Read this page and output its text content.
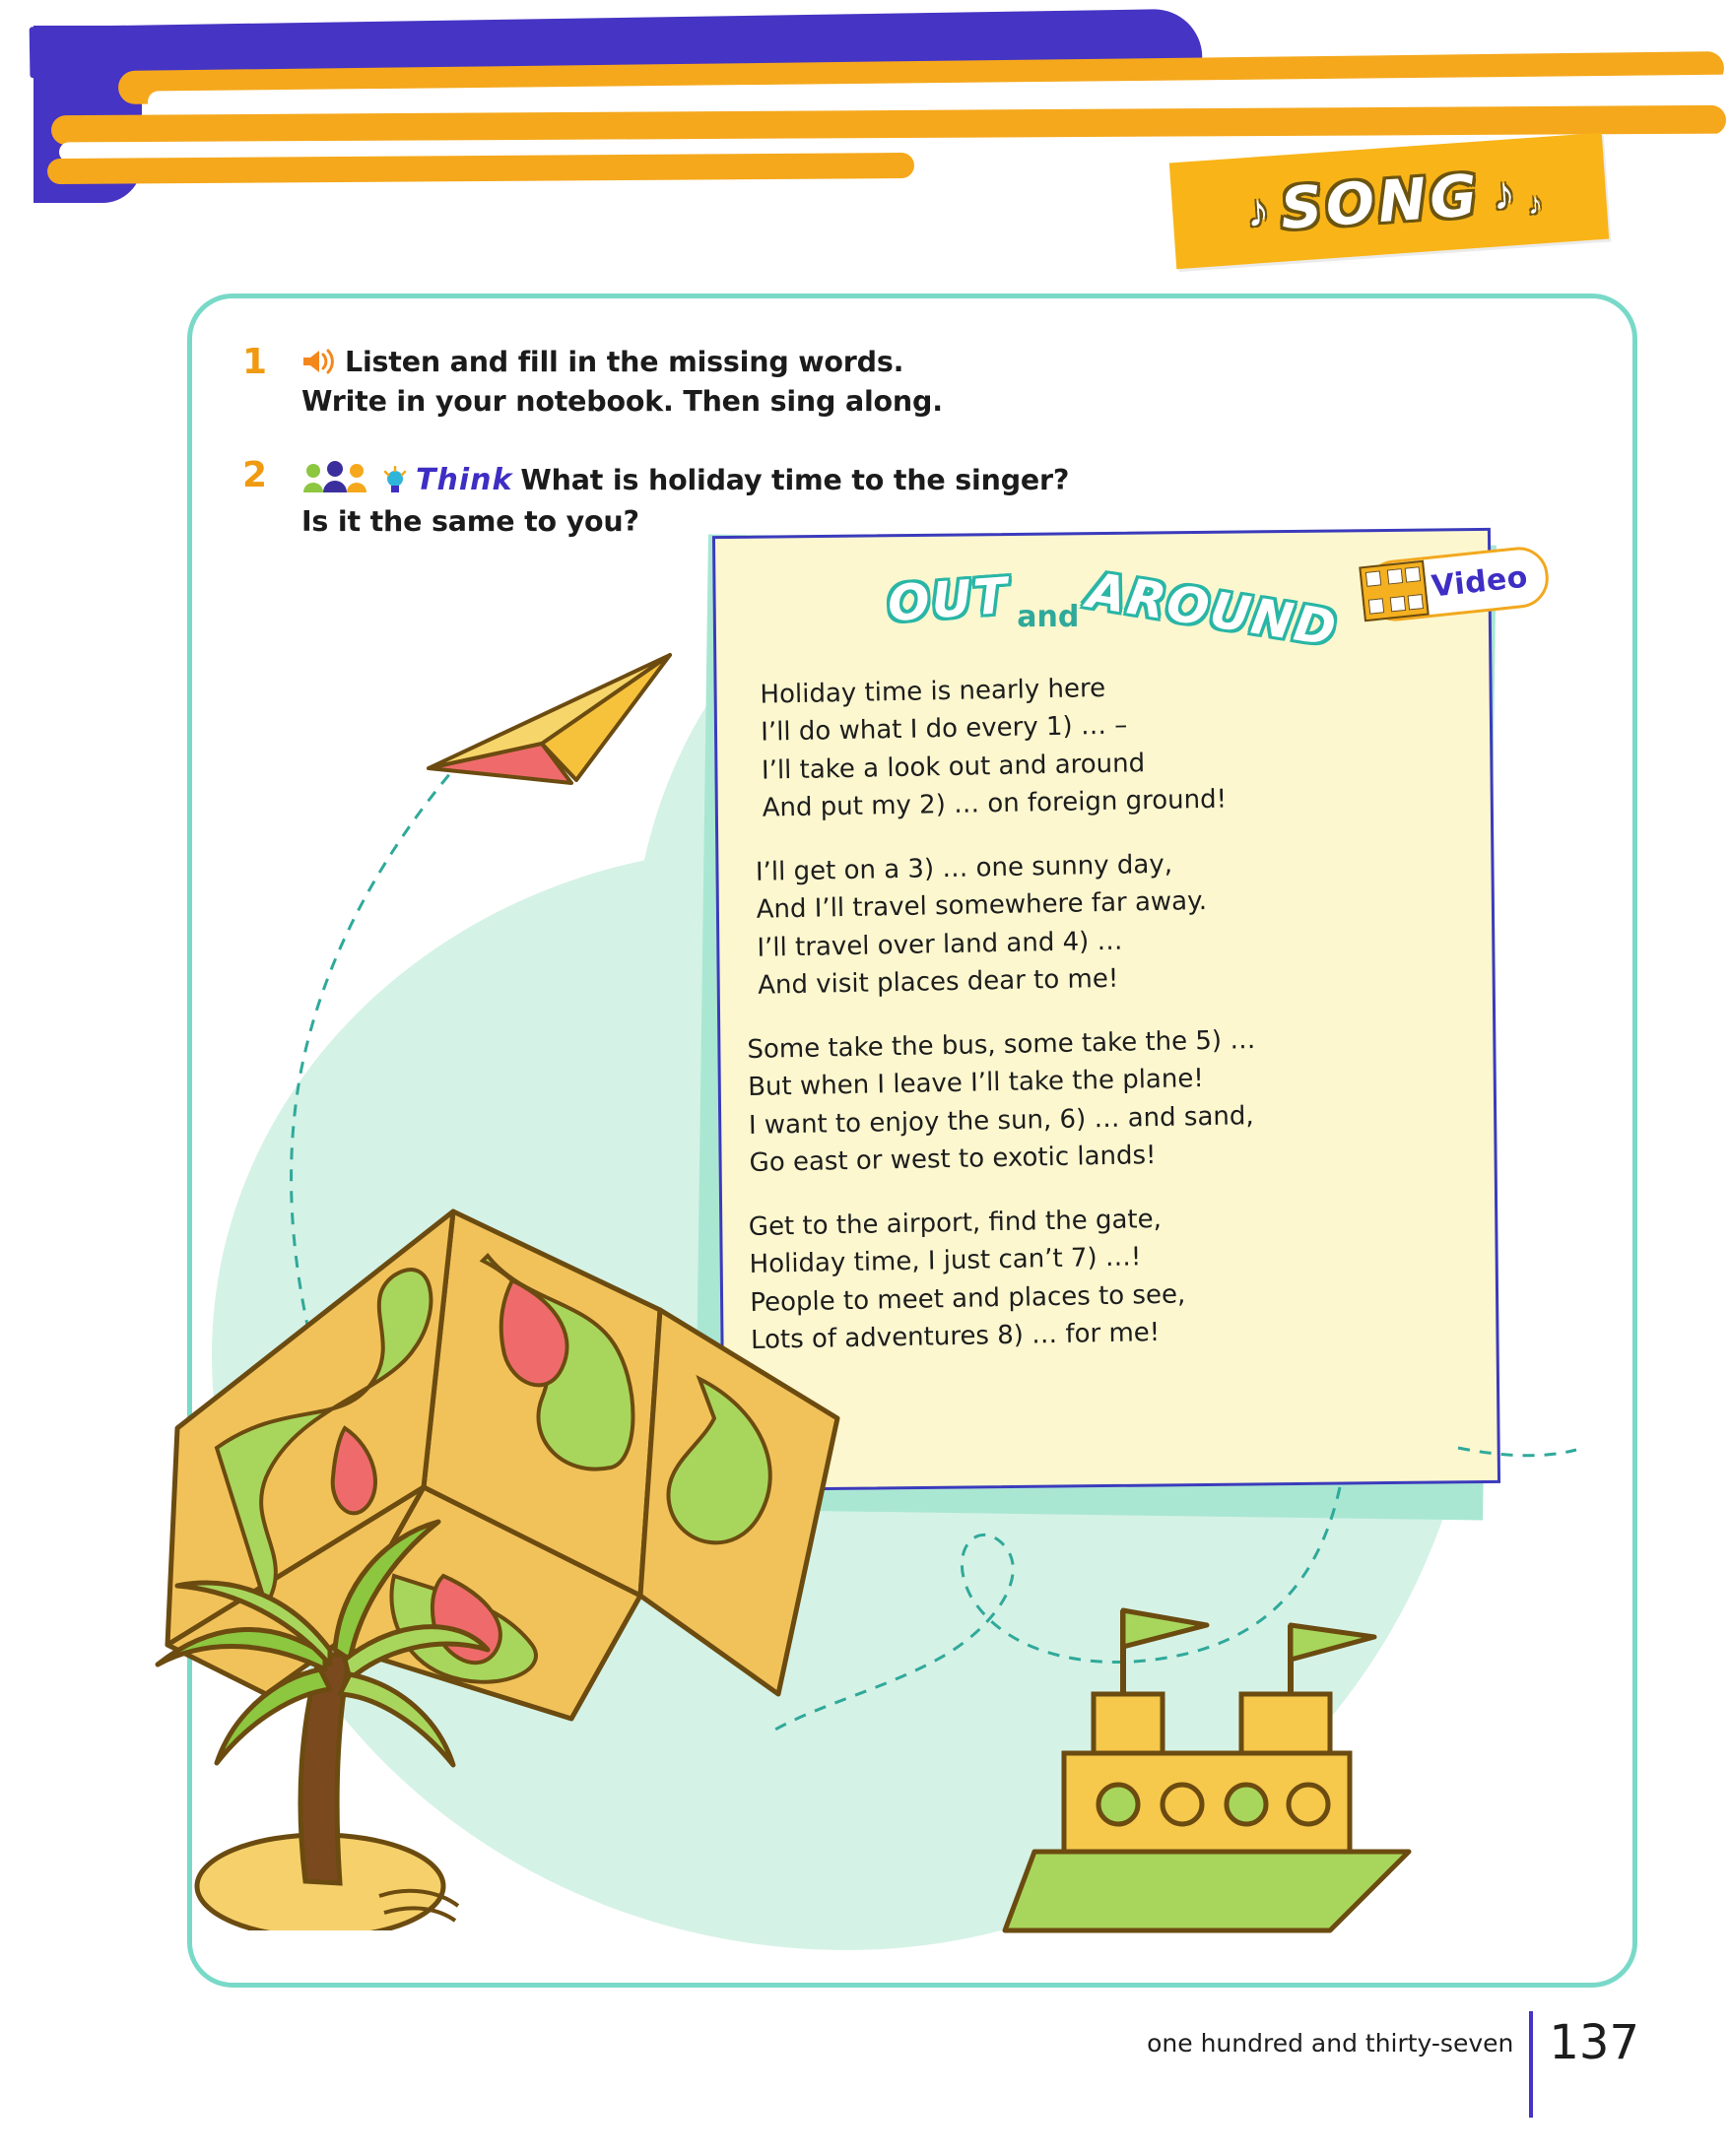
♪ SONG ♪ ♪
1	Listen and fill in the missing words.
Write in your notebook. Then sing along.
2	Think What is holiday time to the singer?
Is it the same to you?
OUT and AROUND
Holiday time is nearly here
I’ll do what I do every 1) … –
I’ll take a look out and around
And put my 2) … on foreign ground!
I’ll get on a 3) … one sunny day,
And I’ll travel somewhere far away.
I’ll travel over land and 4) …
And visit places dear to me!
Some take the bus, some take the 5) …
But when I leave I’ll take the plane!
I want to enjoy the sun, 6) … and sand,
Go east or west to exotic lands!
Get to the airport, find the gate,
Holiday time, I just can’t 7) …!
People to meet and places to see,
Lots of adventures 8) … for me!
Video
one hundred and thirty-seven 137
